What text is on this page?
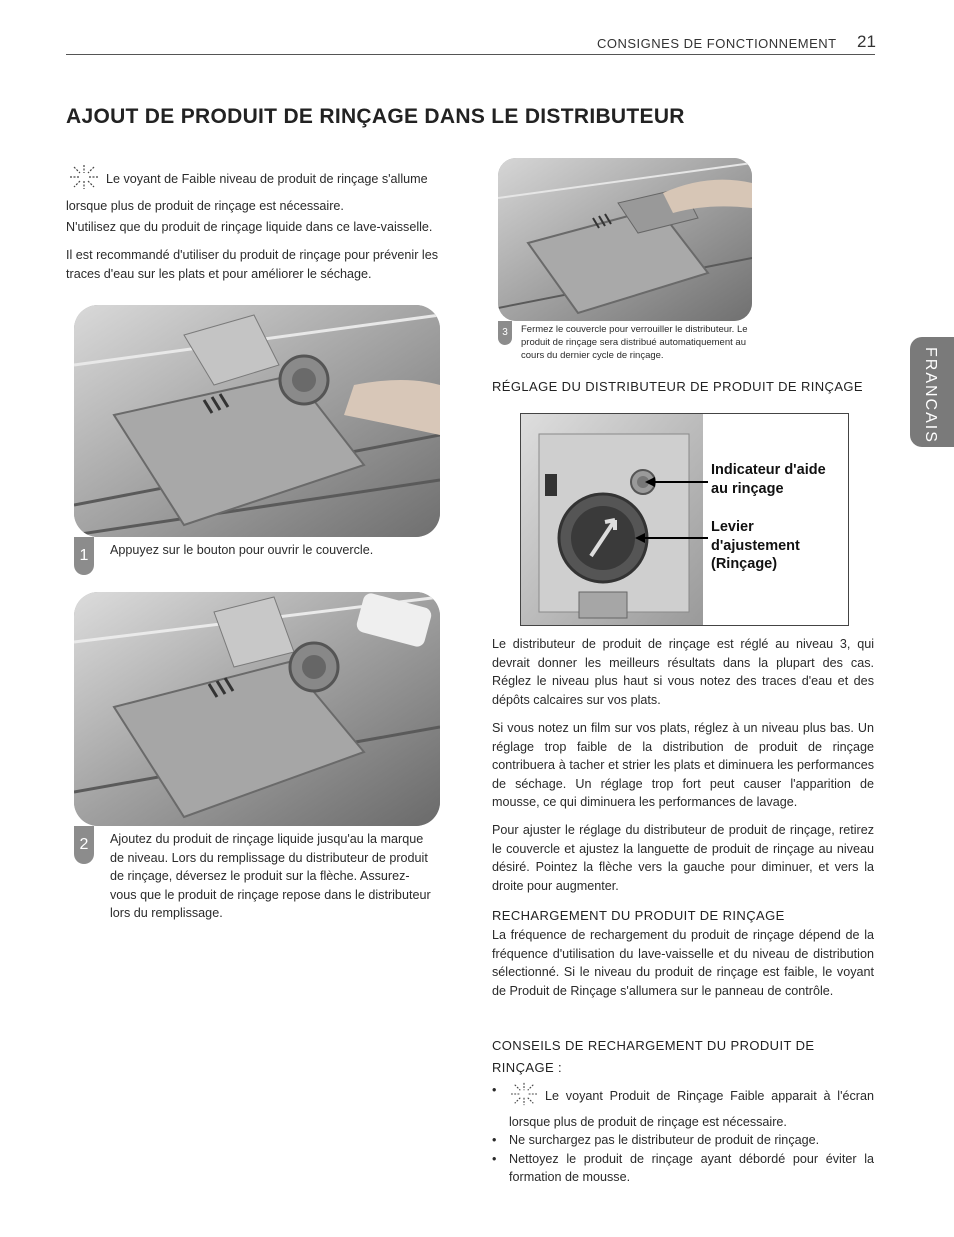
CONSIGNES DE FONCTIONNEMENT 21
AJOUT DE PRODUIT DE RINÇAGE DANS LE DISTRIBUTEUR
FRANCAIS
Le voyant de Faible niveau de produit de rinçage s'allume lorsque plus de produit de rinçage est nécessaire.
N'utilisez que du produit de rinçage liquide dans ce lave-vaisselle.
Il est recommandé d'utiliser du produit de rinçage pour prévenir les traces d'eau sur les plats et pour améliorer le séchage.
1	Appuyez sur le bouton pour ouvrir le couvercle.
2	Ajoutez du produit de rinçage liquide jusqu'au la marque de niveau. Lors du remplissage du distributeur de produit de rinçage, déversez le produit sur la flèche. Assurez-vous que le produit de rinçage repose dans le distributeur lors du remplissage.
3	Fermez le couvercle pour verrouiller le distributeur. Le produit de rinçage sera distribué automatiquement au cours du dernier cycle de rinçage.
RÉGLAGE DU DISTRIBUTEUR DE PRODUIT DE RINÇAGE
Indicateur d'aide au rinçage
Levier d'ajustement (Rinçage)
Le distributeur de produit de rinçage est réglé au niveau 3, qui devrait donner les meilleurs résultats dans la plupart des cas. Réglez le niveau plus haut si vous notez des traces d'eau et des dépôts calcaires sur vos plats.
Si vous notez un film sur vos plats, réglez à un niveau plus bas. Un réglage trop faible de la distribution de produit de rinçage contribuera à tacher et strier les plats et diminuera les performances de séchage. Un réglage trop fort peut causer l'apparition de mousse, ce qui diminuera les performances de lavage.
Pour ajuster le réglage du distributeur de produit de rinçage, retirez le couvercle et ajustez la languette de produit de rinçage au niveau désiré. Pointez la flèche vers la gauche pour diminuer, et vers la droite pour augmenter.
RECHARGEMENT DU PRODUIT DE RINÇAGE
La fréquence de rechargement du produit de rinçage dépend de la fréquence d'utilisation du lave-vaisselle et du niveau de distribution sélectionné. Si le niveau du produit de rinçage est faible, le voyant de Produit de Rinçage s'allumera sur le panneau de contrôle.
CONSEILS DE RECHARGEMENT DU PRODUIT DE RINÇAGE :
• Le voyant Produit de Rinçage Faible apparait à l'écran lorsque plus de produit de rinçage est nécessaire.
• Ne surchargez pas le distributeur de produit de rinçage.
• Nettoyez le produit de rinçage ayant débordé pour éviter la formation de mousse.
